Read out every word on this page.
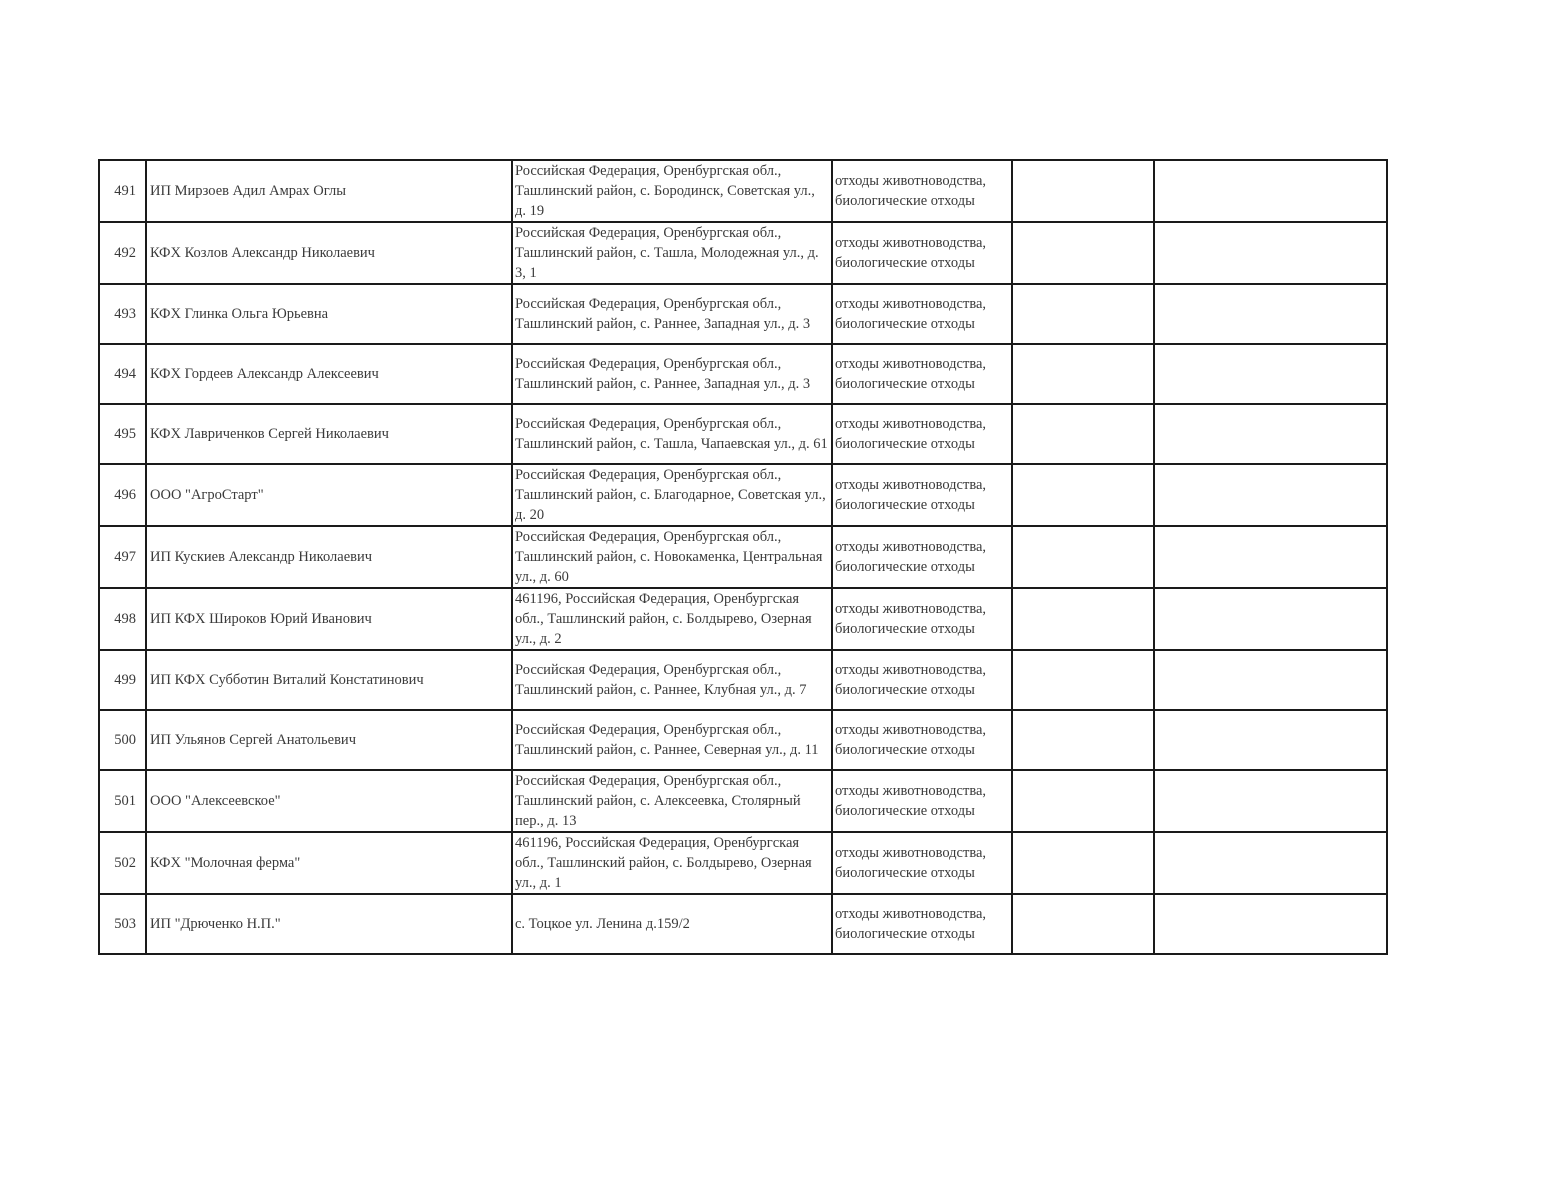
491	ИП Мирзоев Адил Амрах Оглы	Российская Федерация, Оренбургская обл., Ташлинский район, с. Бородинск, Советская ул., д. 19	отходы животноводства,
биологические отходы		

492	КФХ Козлов Александр Николаевич	Российская Федерация, Оренбургская обл., Ташлинский район, с. Ташла, Молодежная ул., д. 3, 1	отходы животноводства,
биологические отходы		

493	КФХ Глинка Ольга Юрьевна	Российская Федерация, Оренбургская обл., Ташлинский район, с. Раннее, Западная ул., д. 3	отходы животноводства,
биологические отходы		

494	КФХ Гордеев Александр Алексеевич	Российская Федерация, Оренбургская обл., Ташлинский район, с. Раннее, Западная ул., д. 3	отходы животноводства,
биологические отходы		

495	КФХ Лавриченков Сергей Николаевич	Российская Федерация, Оренбургская обл., Ташлинский район, с. Ташла, Чапаевская ул., д. 61	отходы животноводства,
биологические отходы		

496	ООО "АгроСтарт"	Российская Федерация, Оренбургская обл., Ташлинский район, с. Благодарное, Советская ул., д. 20	отходы животноводства,
биологические отходы		

497	ИП Кускиев Александр Николаевич	Российская Федерация, Оренбургская обл., Ташлинский район, с. Новокаменка, Центральная ул., д. 60	отходы животноводства,
биологические отходы		

498	ИП КФХ Широков Юрий Иванович	461196, Российская Федерация, Оренбургская обл., Ташлинский район, с. Болдырево, Озерная ул., д. 2	отходы животноводства,
биологические отходы		

499	ИП КФХ Субботин Виталий Констатинович	Российская Федерация, Оренбургская обл., Ташлинский район, с. Раннее, Клубная ул., д. 7	отходы животноводства,
биологические отходы		

500	ИП Ульянов Сергей Анатольевич	Российская Федерация, Оренбургская обл., Ташлинский район, с. Раннее, Северная ул., д. 11	отходы животноводства,
биологические отходы		

501	ООО "Алексеевское"	Российская Федерация, Оренбургская обл., Ташлинский район, с. Алексеевка, Столярный пер., д. 13	отходы животноводства,
биологические отходы		

502	КФХ "Молочная ферма"	461196, Российская Федерация, Оренбургская обл., Ташлинский район, с. Болдырево, Озерная ул., д. 1	отходы животноводства,
биологические отходы		

503	ИП "Дрюченко Н.П."	с. Тоцкое ул. Ленина д.159/2	отходы животноводства,
биологические отходы		
